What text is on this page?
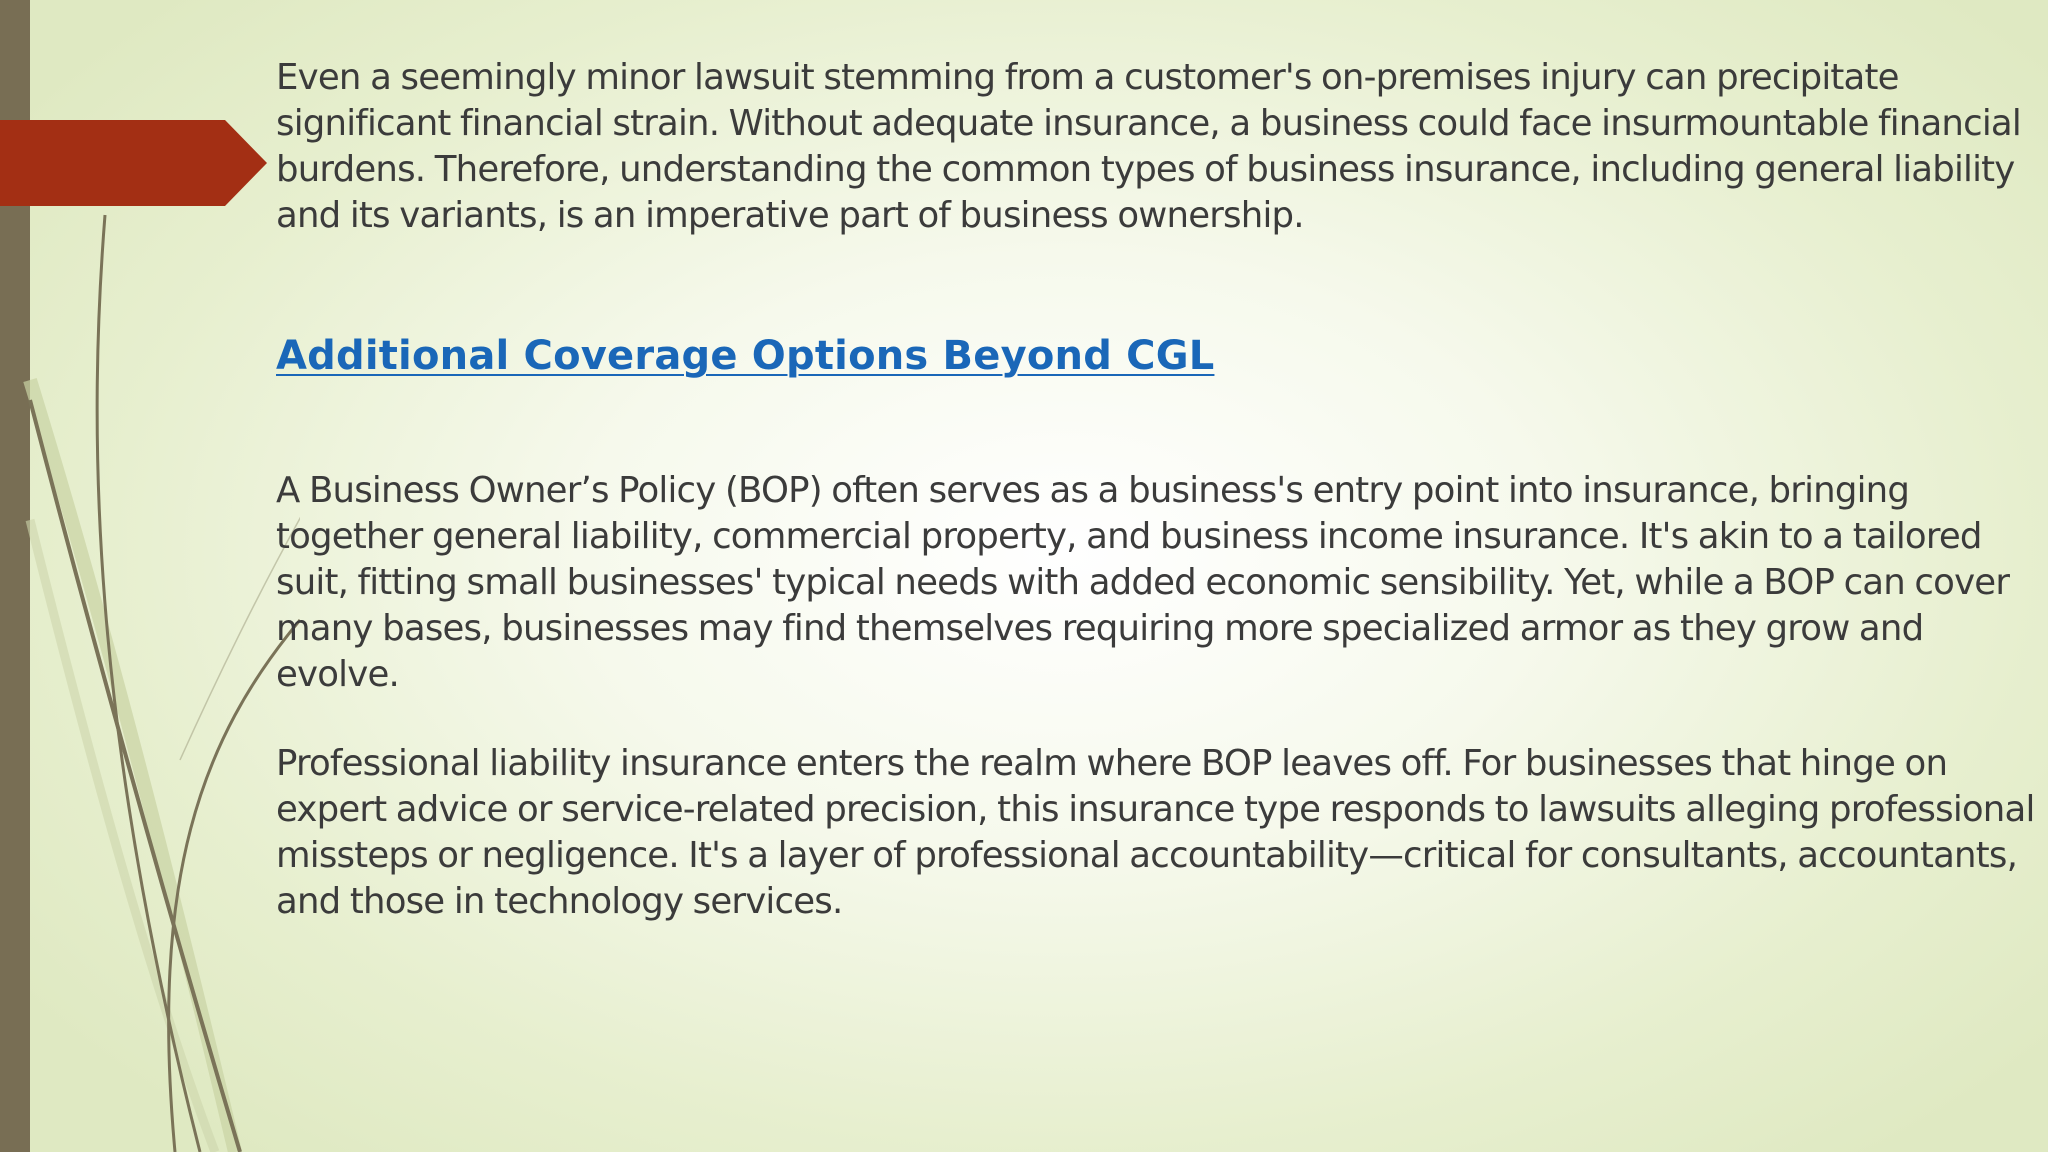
Even a seemingly minor lawsuit stemming from a customer's on-premises injury can precipitate significant financial strain. Without adequate insurance, a business could face insurmountable financial burdens. Therefore, understanding the common types of business insurance, including general liability and its variants, is an imperative part of business ownership.

Additional Coverage Options Beyond CGL

A Business Owner’s Policy (BOP) often serves as a business's entry point into insurance, bringing together general liability, commercial property, and business income insurance. It's akin to a tailored suit, fitting small businesses' typical needs with added economic sensibility. Yet, while a BOP can cover many bases, businesses may find themselves requiring more specialized armor as they grow and evolve.

Professional liability insurance enters the realm where BOP leaves off. For businesses that hinge on expert advice or service-related precision, this insurance type responds to lawsuits alleging professional missteps or negligence. It's a layer of professional accountability—critical for consultants, accountants, and those in technology services.
